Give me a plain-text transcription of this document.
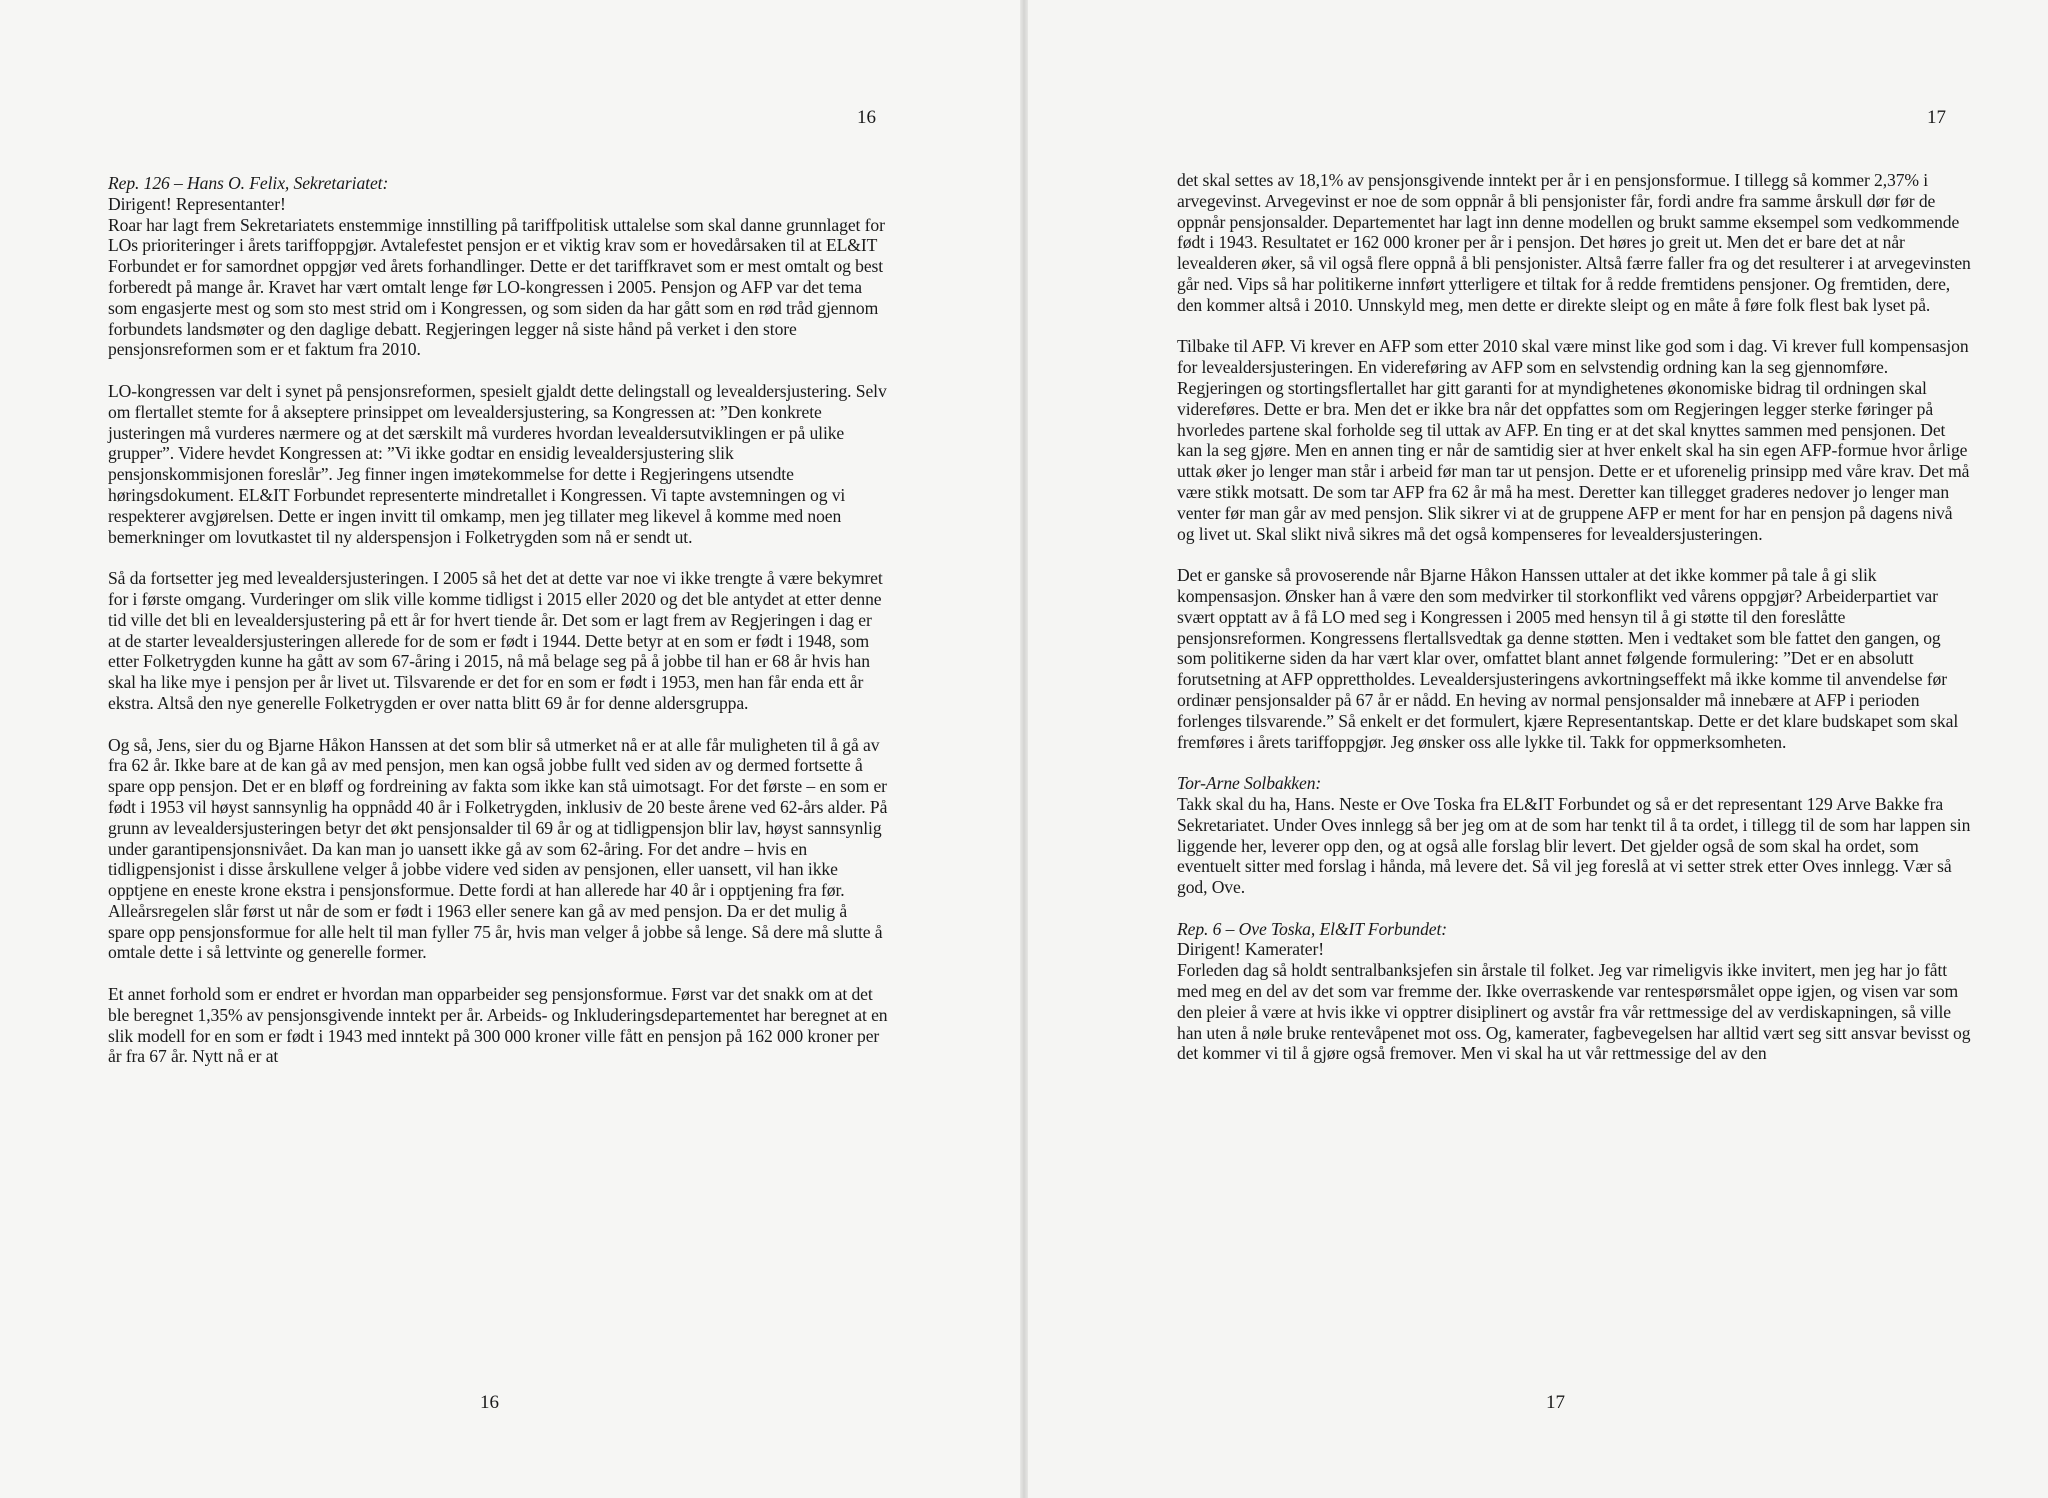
16

Rep. 126 – Hans O. Felix, Sekretariatet:

Dirigent! Representanter!

Roar har lagt frem Sekretariatets enstemmige innstilling på tariffpolitisk uttalelse som skal danne grunnlaget for LOs prioriteringer i årets tariffoppgjør. Avtalefestet pensjon er et viktig krav som er hovedårsaken til at EL&IT Forbundet er for samordnet oppgjør ved årets forhandlinger. Dette er det tariffkravet som er mest omtalt og best forberedt på mange år. Kravet har vært omtalt lenge før LO-kongressen i 2005. Pensjon og AFP var det tema som engasjerte mest og som sto mest strid om i Kongressen, og som siden da har gått som en rød tråd gjennom forbundets landsmøter og den daglige debatt. Regjeringen legger nå siste hånd på verket i den store pensjonsreformen som er et faktum fra 2010.

LO-kongressen var delt i synet på pensjonsreformen, spesielt gjaldt dette delingstall og levealdersjustering. Selv om flertallet stemte for å akseptere prinsippet om levealdersjustering, sa Kongressen at: ”Den konkrete justeringen må vurderes nærmere og at det særskilt må vurderes hvordan levealdersutviklingen er på ulike grupper”. Videre hevdet Kongressen at: ”Vi ikke godtar en ensidig levealdersjustering slik pensjonskommisjonen foreslår”. Jeg finner ingen imøtekommelse for dette i Regjeringens utsendte høringsdokument. EL&IT Forbundet representerte mindretallet i Kongressen. Vi tapte avstemningen og vi respekterer avgjørelsen. Dette er ingen invitt til omkamp, men jeg tillater meg likevel å komme med noen bemerkninger om lovutkastet til ny alderspensjon i Folketrygden som nå er sendt ut.

Så da fortsetter jeg med levealdersjusteringen. I 2005 så het det at dette var noe vi ikke trengte å være bekymret for i første omgang. Vurderinger om slik ville komme tidligst i 2015 eller 2020 og det ble antydet at etter denne tid ville det bli en levealdersjustering på ett år for hvert tiende år. Det som er lagt frem av Regjeringen i dag er at de starter levealdersjusteringen allerede for de som er født i 1944. Dette betyr at en som er født i 1948, som etter Folketrygden kunne ha gått av som 67-åring i 2015, nå må belage seg på å jobbe til han er 68 år hvis han skal ha like mye i pensjon per år livet ut. Tilsvarende er det for en som er født i 1953, men han får enda ett år ekstra. Altså den nye generelle Folketrygden er over natta blitt 69 år for denne aldersgruppa.

Og så, Jens, sier du og Bjarne Håkon Hanssen at det som blir så utmerket nå er at alle får muligheten til å gå av fra 62 år. Ikke bare at de kan gå av med pensjon, men kan også jobbe fullt ved siden av og dermed fortsette å spare opp pensjon. Det er en bløff og fordreining av fakta som ikke kan stå uimotsagt. For det første – en som er født i 1953 vil høyst sannsynlig ha oppnådd 40 år i Folketrygden, inklusiv de 20 beste årene ved 62-års alder. På grunn av levealdersjusteringen betyr det økt pensjonsalder til 69 år og at tidligpensjon blir lav, høyst sannsynlig under garantipensjonsnivået. Da kan man jo uansett ikke gå av som 62-åring. For det andre – hvis en tidligpensjonist i disse årskullene velger å jobbe videre ved siden av pensjonen, eller uansett, vil han ikke opptjene en eneste krone ekstra i pensjonsformue. Dette fordi at han allerede har 40 år i opptjening fra før. Alleårsregelen slår først ut når de som er født i 1963 eller senere kan gå av med pensjon. Da er det mulig å spare opp pensjonsformue for alle helt til man fyller 75 år, hvis man velger å jobbe så lenge. Så dere må slutte å omtale dette i så lettvinte og generelle former.

Et annet forhold som er endret er hvordan man opparbeider seg pensjonsformue. Først var det snakk om at det ble beregnet 1,35% av pensjonsgivende inntekt per år. Arbeids- og Inkluderingsdepartementet har beregnet at en slik modell for en som er født i 1943 med inntekt på 300 000 kroner ville fått en pensjon på 162 000 kroner per år fra 67 år. Nytt nå er at

16
17

det skal settes av 18,1% av pensjonsgivende inntekt per år i en pensjonsformue. I tillegg så kommer 2,37% i arvegevinst. Arvegevinst er noe de som oppnår å bli pensjonister får, fordi andre fra samme årskull dør før de oppnår pensjonsalder. Departementet har lagt inn denne modellen og brukt samme eksempel som vedkommende født i 1943. Resultatet er 162 000 kroner per år i pensjon. Det høres jo greit ut. Men det er bare det at når levealderen øker, så vil også flere oppnå å bli pensjonister. Altså færre faller fra og det resulterer i at arvegevinsten går ned. Vips så har politikerne innført ytterligere et tiltak for å redde fremtidens pensjoner. Og fremtiden, dere, den kommer altså i 2010. Unnskyld meg, men dette er direkte sleipt og en måte å føre folk flest bak lyset på.

Tilbake til AFP. Vi krever en AFP som etter 2010 skal være minst like god som i dag. Vi krever full kompensasjon for levealdersjusteringen. En videreføring av AFP som en selvstendig ordning kan la seg gjennomføre. Regjeringen og stortingsflertallet har gitt garanti for at myndighetenes økonomiske bidrag til ordningen skal videreføres. Dette er bra. Men det er ikke bra når det oppfattes som om Regjeringen legger sterke føringer på hvorledes partene skal forholde seg til uttak av AFP. En ting er at det skal knyttes sammen med pensjonen. Det kan la seg gjøre. Men en annen ting er når de samtidig sier at hver enkelt skal ha sin egen AFP-formue hvor årlige uttak øker jo lenger man står i arbeid før man tar ut pensjon. Dette er et uforenelig prinsipp med våre krav. Det må være stikk motsatt. De som tar AFP fra 62 år må ha mest. Deretter kan tillegget graderes nedover jo lenger man venter før man går av med pensjon. Slik sikrer vi at de gruppene AFP er ment for har en pensjon på dagens nivå og livet ut. Skal slikt nivå sikres må det også kompenseres for levealdersjusteringen.

Det er ganske så provoserende når Bjarne Håkon Hanssen uttaler at det ikke kommer på tale å gi slik kompensasjon. Ønsker han å være den som medvirker til storkonflikt ved vårens oppgjør? Arbeiderpartiet var svært opptatt av å få LO med seg i Kongressen i 2005 med hensyn til å gi støtte til den foreslåtte pensjonsreformen. Kongressens flertallsvedtak ga denne støtten. Men i vedtaket som ble fattet den gangen, og som politikerne siden da har vært klar over, omfattet blant annet følgende formulering: ”Det er en absolutt forutsetning at AFP opprettholdes. Levealdersjusteringens avkortningseffekt må ikke komme til anvendelse før ordinær pensjonsalder på 67 år er nådd. En heving av normal pensjonsalder må innebære at AFP i perioden forlenges tilsvarende.” Så enkelt er det formulert, kjære Representantskap. Dette er det klare budskapet som skal fremføres i årets tariffoppgjør. Jeg ønsker oss alle lykke til. Takk for oppmerksomheten.

Tor-Arne Solbakken:

Takk skal du ha, Hans. Neste er Ove Toska fra EL&IT Forbundet og så er det representant 129 Arve Bakke fra Sekretariatet. Under Oves innlegg så ber jeg om at de som har tenkt til å ta ordet, i tillegg til de som har lappen sin liggende her, leverer opp den, og at også alle forslag blir levert. Det gjelder også de som skal ha ordet, som eventuelt sitter med forslag i hånda, må levere det. Så vil jeg foreslå at vi setter strek etter Oves innlegg. Vær så god, Ove.

Rep. 6 – Ove Toska, El&IT Forbundet:

Dirigent! Kamerater!

Forleden dag så holdt sentralbanksjefen sin årstale til folket. Jeg var rimeligvis ikke invitert, men jeg har jo fått med meg en del av det som var fremme der. Ikke overraskende var rentespørsmålet oppe igjen, og visen var som den pleier å være at hvis ikke vi opptrer disiplinert og avstår fra vår rettmessige del av verdiskapningen, så ville han uten å nøle bruke rentevåpenet mot oss. Og, kamerater, fagbevegelsen har alltid vært seg sitt ansvar bevisst og det kommer vi til å gjøre også fremover. Men vi skal ha ut vår rettmessige del av den

17
